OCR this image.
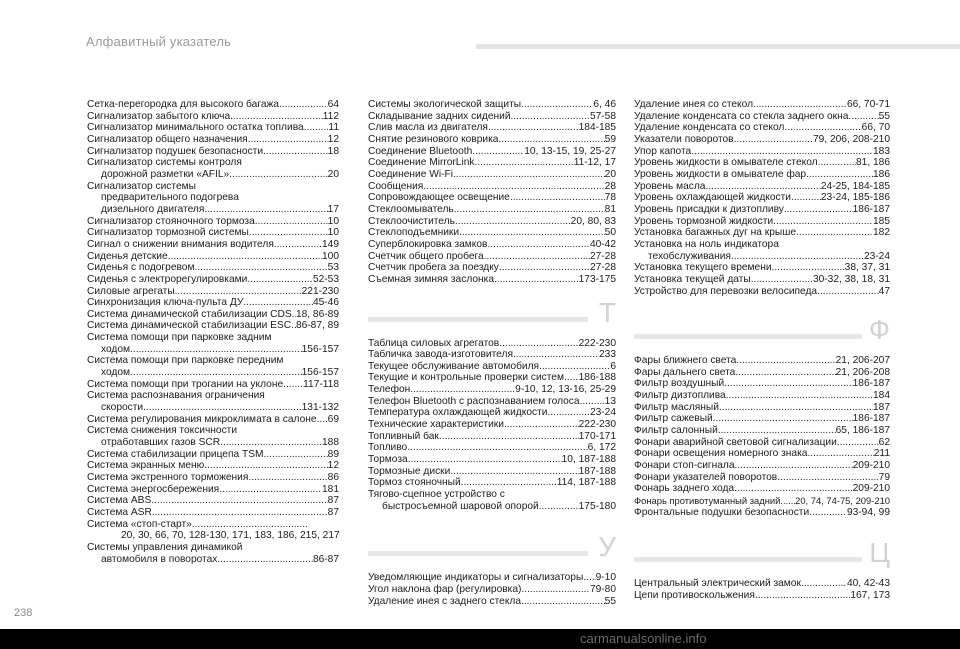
Алфавитный указатель
Сетка-перегородка для высокого багажа .....	64
Сигнализатор забытого ключа .....	112
Сигнализатор минимального остатка топлива ..... 11
Сигнализатор общего назначения .....	12
Сигнализатор подушек безопасности .....	18
Сигнализатор системы контроля
дорожной разметки «AFIL» .....	20
Сигнализатор системы
предварительного подогрева
дизельного двигателя .....	17
Сигнализатор стояночного тормоза .....	10
Сигнализатор тормозной системы .....	10
Сигнал о снижении внимания водителя .....	149
Сиденья детские .....	100
Сиденья с подогревом .....	53
Сиденья с электрорегулировками .....	52-53
Силовые агрегаты .....	221-230
Синхронизация ключа-пульта ДУ .....	45-46
Система динамической стабилизации CDS ..... 18, 86-89
Система динамической стабилизации ESC ..... 86-87, 89
Система помощи при парковке задним
ходом .....	156-157
Система помощи при парковке передним
ходом .....	156-157
Система помощи при трогании на уклоне ..... 117-118
Система распознавания ограничения
скорости .....	131-132
Система регулирования микроклимата в салоне ..... 69
Система снижения токсичности
отработавших газов SCR .....	188
Система стабилизации прицепа TSM .....	89
Система экранных меню .....	12
Система экстренного торможения .....	86
Система энергосбережения .....	181
Система ABS .....	87
Система ASR .....	87
Система «стоп-старт»
.....
20, 30, 66, 70, 128-130, 171, 183, 186, 215, 217
Системы управления динамикой
автомобиля в поворотах .....	86-87
Системы экологической защиты .....	6, 46
Складывание задних сидений .....	57-58
Слив масла из двигателя .....	184-185
Снятие резинового коврика .....	59
Соединение Bluetooth .....	10, 13-15, 19, 25-27
Соединение MirrorLink .....	11-12, 17
Соединение Wi-Fi .....	20
Сообщения .....	28
Сопровождающее освещение .....	78
Стеклоомыватель .....	81
Стеклоочиститель .....	20, 80, 83
Стеклоподъемники .....	50
Суперблокировка замков .....	40-42
Счетчик общего пробега .....	27-28
Счетчик пробега за поездку .....	27-28
Съемная зимняя заслонка .....	173-175
Т
Таблица силовых агрегатов .....	222-230
Табличка завода-изготовителя .....	233
Текущее обслуживание автомобиля .....	6
Текущие и контрольные проверки систем ..... 186-188
Телефон .....	9-10, 12, 13-16, 25-29
Телефон Bluetooth с распознаванием голоса ..... 13
Температура охлаждающей жидкости .....	23-24
Технические характеристики .....	222-230
Топливный бак .....	170-171
Топливо .....	6, 172
Тормоза .....	10, 187-188
Тормозные диски .....	187-188
Тормоз стояночный .....	114, 187-188
Тягово-сцепное устройство с
быстросъемной шаровой опорой .....	175-180
У
Уведомляющие индикаторы и сигнализаторы ..... 9-10
Угол наклона фар (регулировка) .....	79-80
Удаление инея с заднего стекла .....	55
Удаление инея со стекол .....	66, 70-71
Удаление конденсата со стекла заднего окна .....	55
Удаление конденсата со стекол .....	66, 70
Указатели поворотов .....	79, 206, 208-210
Упор капота .....	183
Уровень жидкости в омывателе стекол .....	81, 186
Уровень жидкости в омывателе фар .....	186
Уровень масла .....	24-25, 184-185
Уровень охлаждающей жидкости .....	23-24, 185-186
Уровень присадки к дизтопливу .....	186-187
Уровень тормозной жидкости .....	185
Установка багажных дуг на крыше .....	182
Установка на ноль индикатора
техобслуживания .....	23-24
Установка текущего времени .....	38, 37, 31
Установка текущей даты .....	30-32, 38, 18, 31
Устройство для перевозки велосипеда .....	47
Ф
Фары ближнего света .....	21, 206-207
Фары дальнего света .....	21, 206-208
Фильтр воздушный .....	186-187
Фильтр дизтоплива .....	184
Фильтр масляный .....	187
Фильтр сажевый .....	186-187
Фильтр салонный .....	65, 186-187
Фонари аварийной световой сигнализации .....	62
Фонари освещения номерного знака .....	211
Фонари стоп-сигнала .....	209-210
Фонари указателей поворотов .....	79
Фонарь заднего хода .....	209-210
Фонарь противотуманный задний ..... 20, 74, 74-75, 209-210
Фронтальные подушки безопасности .....	93-94, 99
Ц
Центральный электрический замок .....	40, 42-43
Цепи противоскольжения .....	167, 173
238
carmanualsonline.info
